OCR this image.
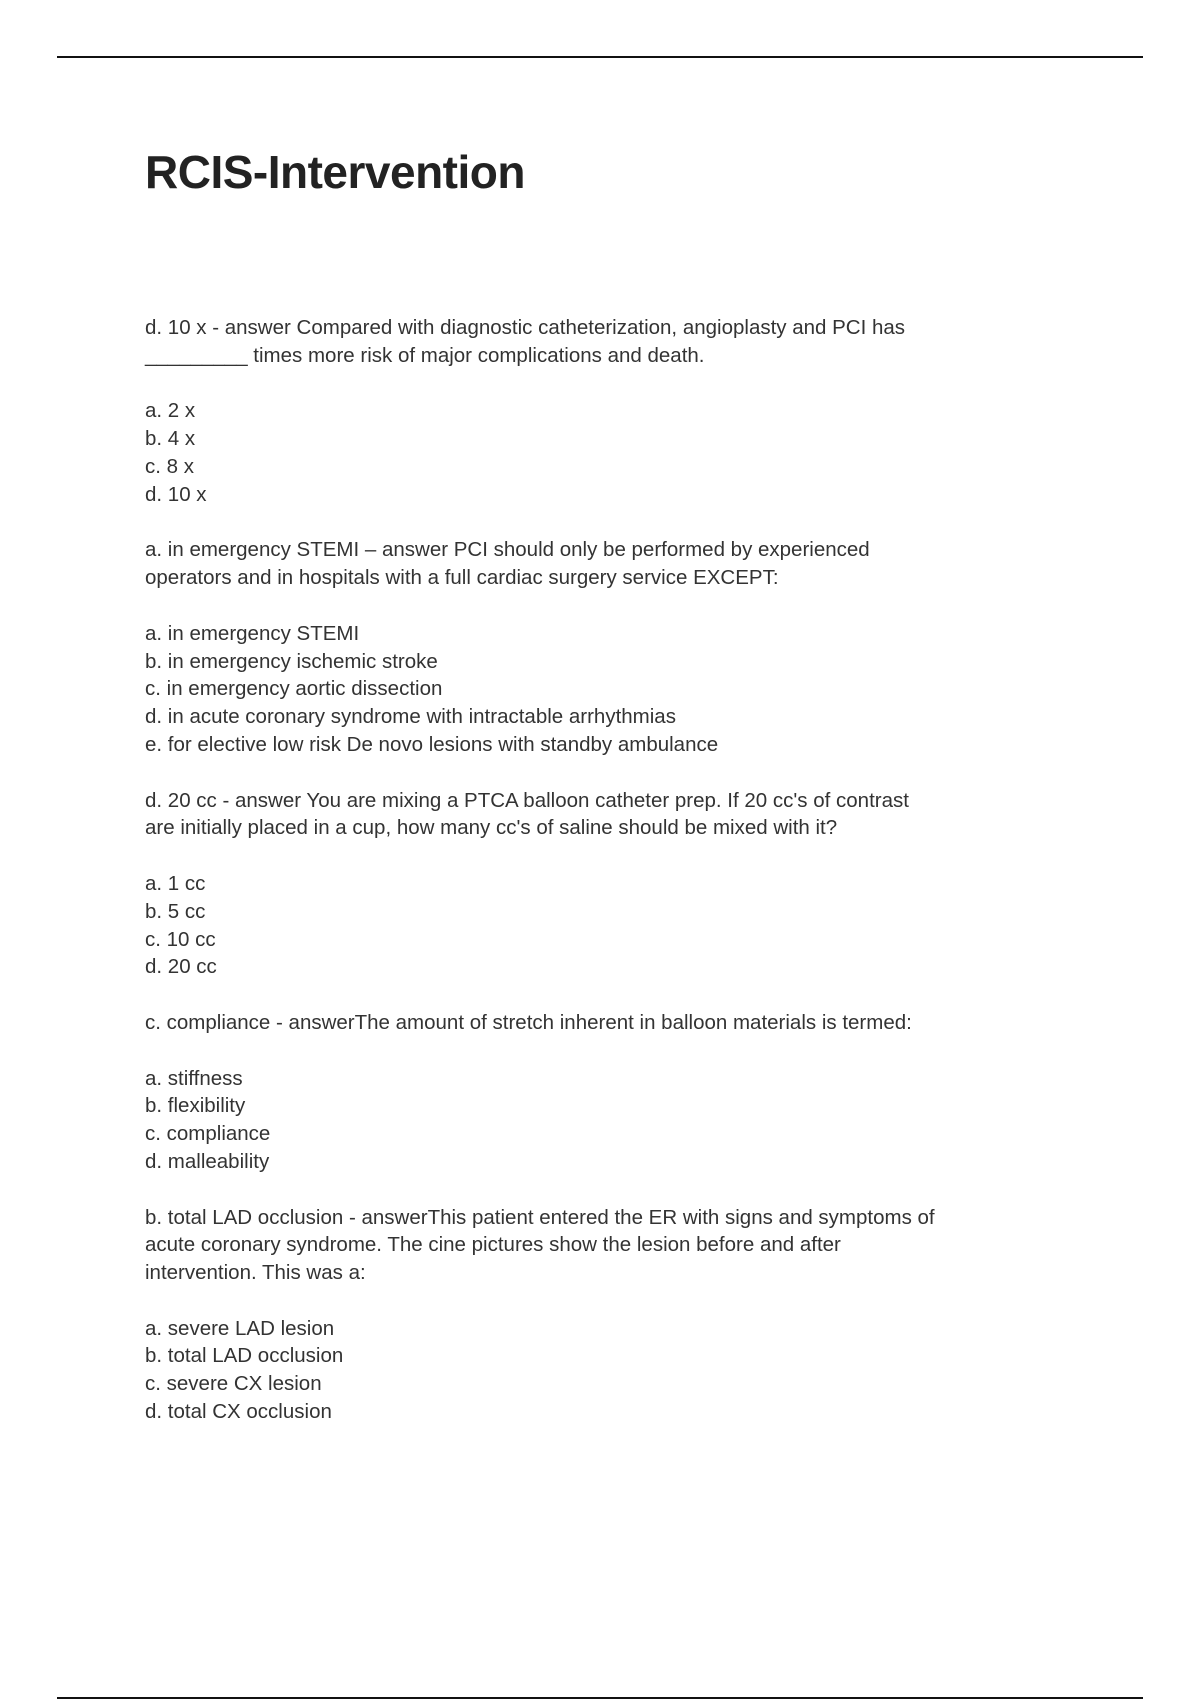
RCIS-Intervention
d. 10 x - answer Compared with diagnostic catheterization, angioplasty and PCI has
_________ times more risk of major complications and death.
a. 2 x
b. 4 x
c. 8 x
d. 10 x
a. in emergency STEMI – answer PCI should only be performed by experienced
operators and in hospitals with a full cardiac surgery service EXCEPT:
a. in emergency STEMI
b. in emergency ischemic stroke
c. in emergency aortic dissection
d. in acute coronary syndrome with intractable arrhythmias
e. for elective low risk De novo lesions with standby ambulance
d. 20 cc - answer You are mixing a PTCA balloon catheter prep. If 20 cc's of contrast
are initially placed in a cup, how many cc's of saline should be mixed with it?
a. 1 cc
b. 5 cc
c. 10 cc
d. 20 cc
c. compliance - answerThe amount of stretch inherent in balloon materials is termed:
a. stiffness
b. flexibility
c. compliance
d. malleability
b. total LAD occlusion - answerThis patient entered the ER with signs and symptoms of
acute coronary syndrome. The cine pictures show the lesion before and after
intervention. This was a:
a. severe LAD lesion
b. total LAD occlusion
c. severe CX lesion
d. total CX occlusion
